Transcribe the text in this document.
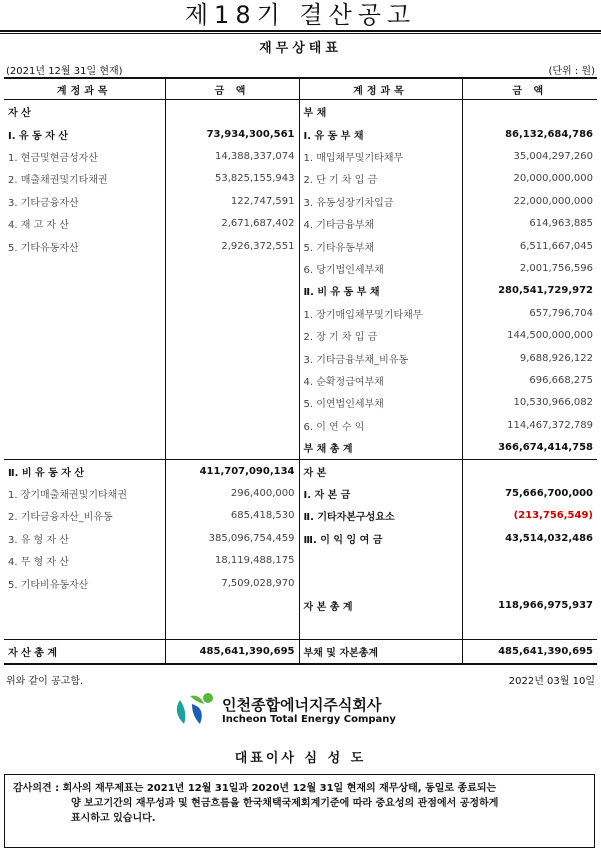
제18기 결산공고
재무상태표
(2021년 12월 31일 현재)	(단위 : 원)
계정과목	금 액	계정과목	금 액
자 산		부 채	
Ⅰ. 유 동 자 산	73,934,300,561	Ⅰ. 유 동 부 채	86,132,684,786
1. 현금및현금성자산	14,388,337,074	1. 매입채무및기타채무	35,004,297,260
2. 매출채권및기타채권	53,825,155,943	2. 단 기 차 입 금	20,000,000,000
3. 기타금융자산	122,747,591	3. 유동성장기차입금	22,000,000,000
4. 재 고 자 산	2,671,687,402	4. 기타금융부채	614,963,885
5. 기타유동자산	2,926,372,551	5. 기타유동부채	6,511,667,045
		6. 당기법인세부채	2,001,756,596
		Ⅱ. 비 유 동 부 채	280,541,729,972
		1. 장기매입채무및기타채무	657,796,704
		2. 장 기 차 입 금	144,500,000,000
		3. 기타금융부채_비유동	9,688,926,122
		4. 순확정급여부채	696,668,275
		5. 이연법인세부채	10,530,966,082
		6. 이 연 수 익	114,467,372,789
		부 채 총 계	366,674,414,758
Ⅱ. 비 유 동 자 산	411,707,090,134	자 본	
1. 장기매출채권및기타채권	296,400,000	Ⅰ. 자 본 금	75,666,700,000
2. 기타금융자산_비유동	685,418,530	Ⅱ. 기타자본구성요소	(213,756,549)
3. 유 형 자 산	385,096,754,459	Ⅲ. 이 익 잉 여 금	43,514,032,486
4. 무 형 자 산	18,119,488,175		
5. 기타비유동자산	7,509,028,970		
		자 본 총 계	118,966,975,937

자 산 총 계	485,641,390,695	부채 및 자본총계	485,641,390,695
위와 같이 공고함.	2022년 03월 10일
인천종합에너지주식회사
Incheon Total Energy Company
대표이사 심 성 도
감사의견 : 회사의 재무제표는 2021년 12월 31일과 2020년 12월 31일 현재의 재무상태, 동일로 종료되는
양 보고기간의 재무성과 및 현금흐름을 한국채택국제회계기준에 따라 중요성의 관점에서 공정하게
표시하고 있습니다.
